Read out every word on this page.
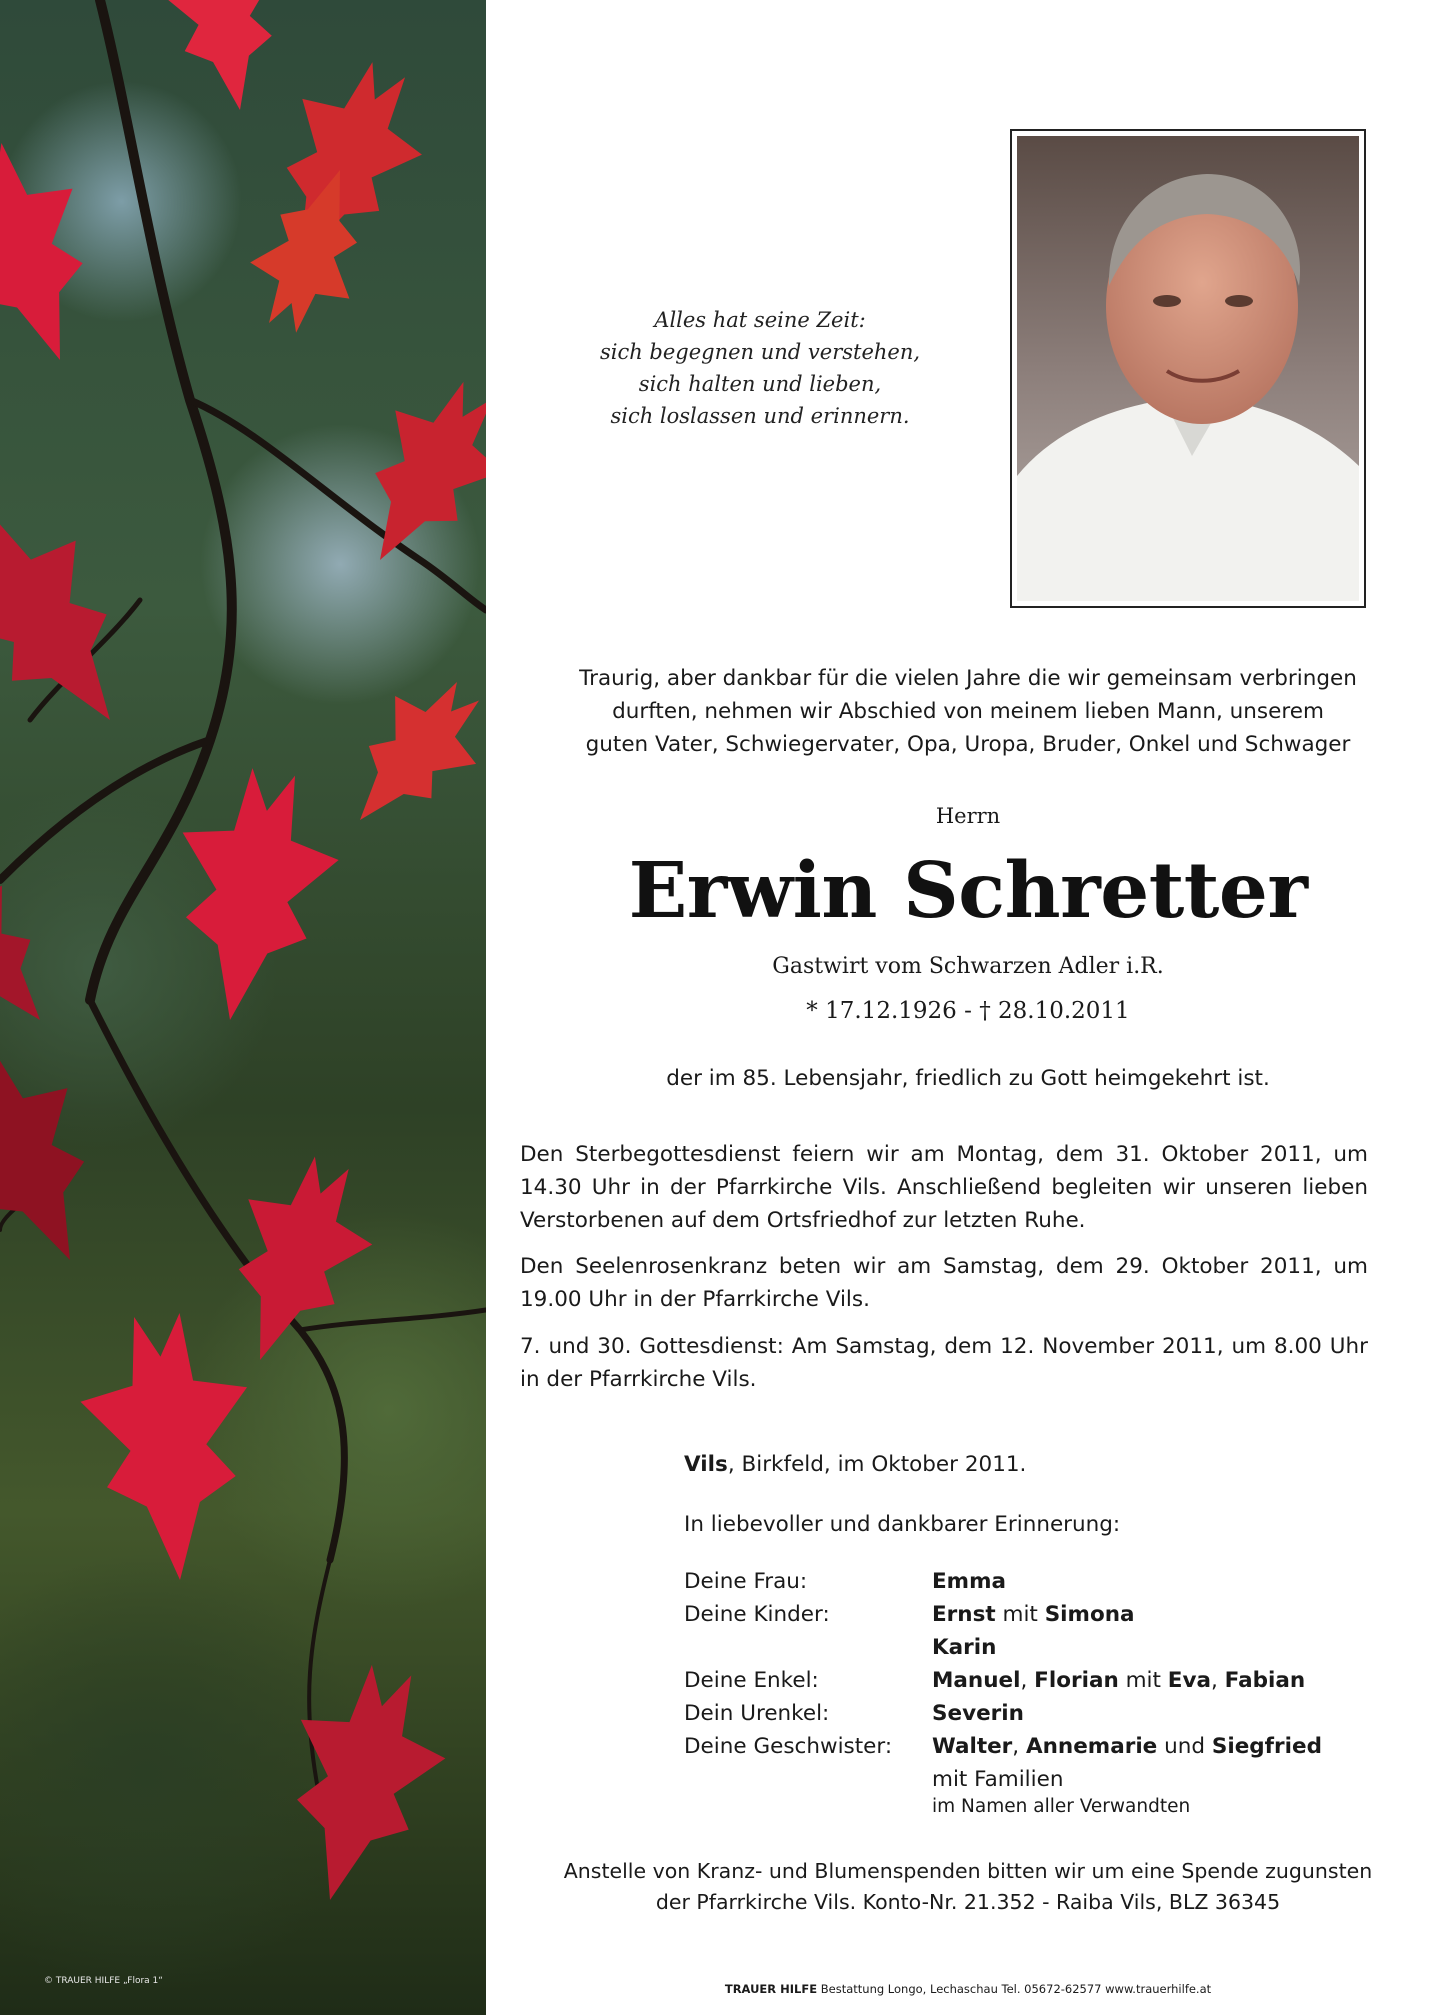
© TRAUER HILFE „Flora 1“
Alles hat seine Zeit:
sich begegnen und verstehen,
sich halten und lieben,
sich loslassen und erinnern.
Traurig, aber dankbar für die vielen Jahre die wir gemeinsam verbringen
durften, nehmen wir Abschied von meinem lieben Mann, unserem
guten Vater, Schwiegervater, Opa, Uropa, Bruder, Onkel und Schwager
Herrn
Erwin Schretter
Gastwirt vom Schwarzen Adler i.R.
* 17.12.1926 - † 28.10.2011
der im 85. Lebensjahr, friedlich zu Gott heimgekehrt ist.

Den Sterbegottesdienst feiern wir am Montag, dem 31. Oktober 2011, um 14.30 Uhr in der Pfarrkirche Vils. Anschließend begleiten wir unseren lieben Verstorbenen auf dem Ortsfriedhof zur letzten Ruhe.

Den Seelenrosenkranz beten wir am Samstag, dem 29. Oktober 2011, um 19.00 Uhr in der Pfarrkirche Vils.

7. und 30. Gottesdienst: Am Samstag, dem 12. November 2011, um 8.00 Uhr in der Pfarrkirche Vils.

Vils, Birkfeld, im Oktober 2011.
In liebevoller und dankbarer Erinnerung:
Deine Frau:	Emma
Deine Kinder:	Ernst mit Simona
Karin
Deine Enkel:	Manuel, Florian mit Eva, Fabian
Dein Urenkel:	Severin
Deine Geschwister: Walter, Annemarie und Siegfried
mit Familien
im Namen aller Verwandten
Anstelle von Kranz- und Blumenspenden bitten wir um eine Spende zugunsten
der Pfarrkirche Vils. Konto-Nr. 21.352 - Raiba Vils, BLZ 36345
TRAUER HILFE Bestattung Longo, Lechaschau Tel. 05672-62577 www.trauerhilfe.at
